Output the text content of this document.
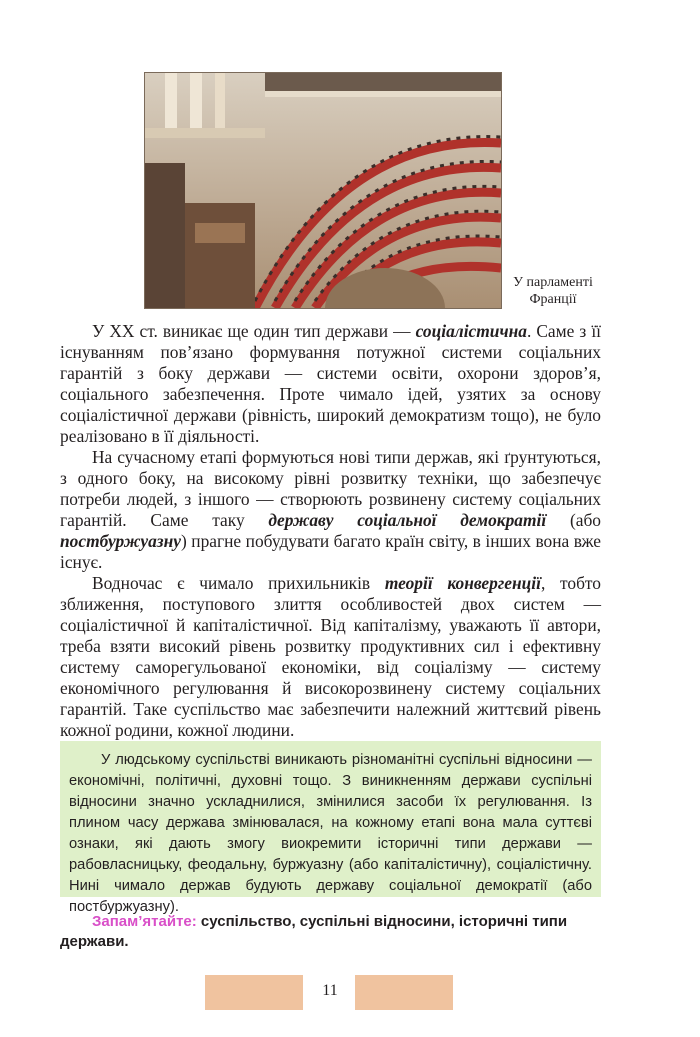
У парламенті
Франції

У XX ст. виникає ще один тип держави — соціалістична. Саме з її існуванням пов’язано формування потужної системи соціальних гарантій з боку держави — системи освіти, охорони здоров’я, соціального забезпечення. Проте чимало ідей, узятих за основу соціалістичної держави (рівність, широкий демократизм тощо), не було реалізовано в її діяльності.

На сучасному етапі формуються нові типи держав, які ґрунтуються, з одного боку, на високому рівні розвитку техніки, що забезпечує потреби людей, з іншого — створюють розвинену систему соціальних гарантій. Саме таку державу соціальної демократії (або постбуржуазну) прагне побудувати багато країн світу, в інших вона вже існує.

Водночас є чимало прихильників теорії конвергенції, тобто зближення, поступового злиття особливостей двох систем — соціалістичної й капіталістичної. Від капіталізму, уважають її автори, треба взяти високий рівень розвитку продуктивних сил і ефективну систему саморегульованої економіки, від соціалізму — систему економічного регулювання й високорозвинену систему соціальних гарантій. Таке суспільство має забезпечити належний життєвий рівень кожної родини, кожної людини.

У людському суспільстві виникають різноманітні суспільні відносини — економічні, політичні, духовні тощо. З виникненням держави суспільні відносини значно ускладнилися, змінилися засоби їх регулювання. Із плином часу держава змінювалася, на кожному етапі вона мала суттєві ознаки, які дають змогу виокремити історичні типи держави — рабовласницьку, феодальну, буржуазну (або капіталістичну), соціалістичну. Нині чимало держав будують державу соціальної демократії (або постбуржуазну).

Запам’ятайте: суспільство, суспільні відносини, історичні типи держави.
11
